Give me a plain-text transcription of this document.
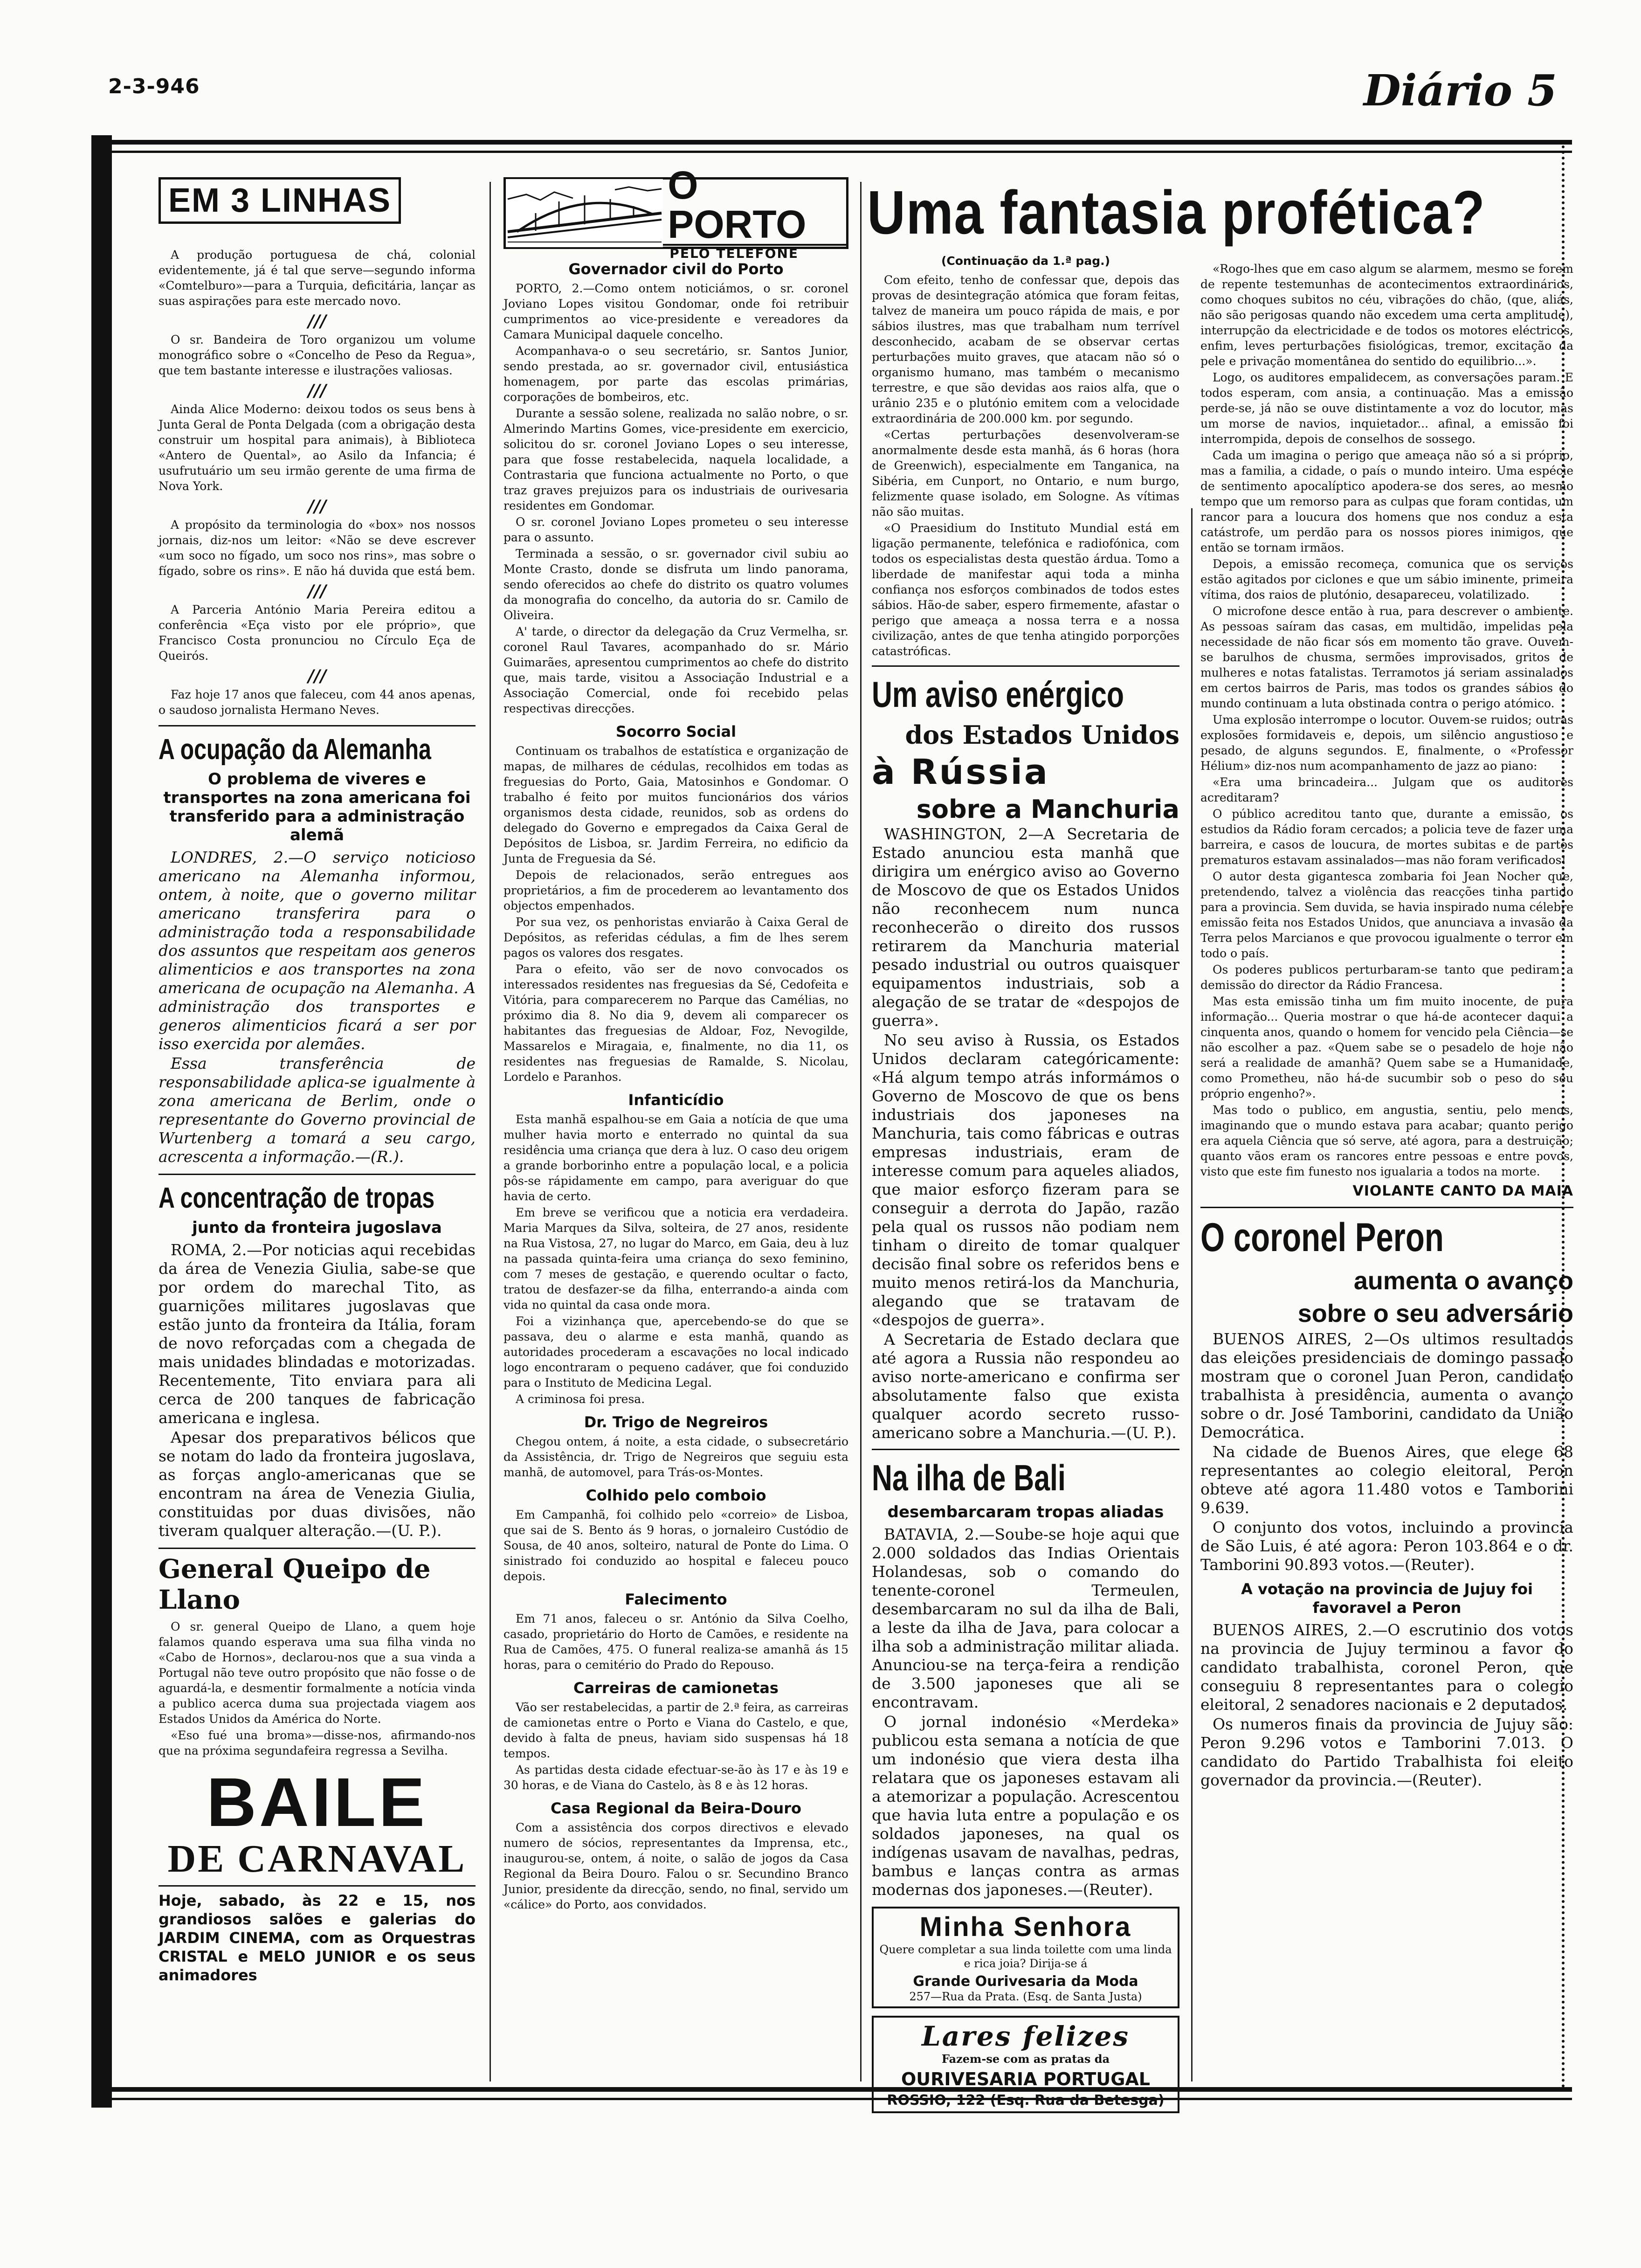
2-3-946	Diário 5
EM 3 LINHAS

A produção portuguesa de chá, colonial evidentemente, já é tal que serve—segundo informa «Comtelburo»—para a Turquia, deficitária, lançar as suas aspirações para este mercado novo.

///

O sr. Bandeira de Toro organizou um volume monográfico sobre o «Concelho de Peso da Regua», que tem bastante interesse e ilustrações valiosas.

///

Ainda Alice Moderno: deixou todos os seus bens à Junta Geral de Ponta Delgada (com a obrigação desta construir um hospital para animais), à Biblioteca «Antero de Quental», ao Asilo da Infancia; é usufrutuário um seu irmão gerente de uma firma de Nova York.

///

A propósito da terminologia do «box» nos nossos jornais, diz-nos um leitor: «Não se deve escrever «um soco no fígado, um soco nos rins», mas sobre o fígado, sobre os rins». E não há duvida que está bem.

///

A Parceria António Maria Pereira editou a conferência «Eça visto por ele próprio», que Francisco Costa pronunciou no Círculo Eça de Queirós.

///

Faz hoje 17 anos que faleceu, com 44 anos apenas, o saudoso jornalista Hermano Neves.

A ocupação da Alemanha
O problema de viveres e transportes na zona americana foi transferido para a administração alemã

LONDRES, 2.—O serviço noticioso americano na Alemanha informou, ontem, à noite, que o governo militar americano transferira para o administração toda a responsabilidade dos assuntos que respeitam aos generos alimenticios e aos transportes na zona americana de ocupação na Alemanha. A administração dos transportes e generos alimenticios ficará a ser por isso exercida por alemães.

Essa transferência de responsabilidade aplica-se igualmente à zona americana de Berlim, onde o representante do Governo provincial de Wurtenberg a tomará a seu cargo, acrescenta a informação.—(R.).

A concentração de tropas
junto da fronteira jugoslava

ROMA, 2.—Por noticias aqui recebidas da área de Venezia Giulia, sabe-se que por ordem do marechal Tito, as guarnições militares jugoslavas que estão junto da fronteira da Itália, foram de novo reforçadas com a chegada de mais unidades blindadas e motorizadas. Recentemente, Tito enviara para ali cerca de 200 tanques de fabricação americana e inglesa.

Apesar dos preparativos bélicos que se notam do lado da fronteira jugoslava, as forças anglo-americanas que se encontram na área de Venezia Giulia, constituidas por duas divisões, não tiveram qualquer alteração.—(U. P.).

General Queipo de Llano

O sr. general Queipo de Llano, a quem hoje falamos quando esperava uma sua filha vinda no «Cabo de Hornos», declarou-nos que a sua vinda a Portugal não teve outro propósito que não fosse o de aguardá-la, e desmentir formalmente a notícia vinda a publico acerca duma sua projectada viagem aos Estados Unidos da América do Norte.

«Eso fué una broma»—disse-nos, afirmando-nos que na próxima segundafeira regressa a Sevilha.

BAILE
DE CARNAVAL

Hoje, sabado, às 22 e 15, nos grandiosos salões e galerias do JARDIM CINEMA, com as Orquestras CRISTAL e MELO JUNIOR e os seus animadores

O PORTO
PELO TELEFONE
Governador civil do Porto

PORTO, 2.—Como ontem noticiámos, o sr. coronel Joviano Lopes visitou Gondomar, onde foi retribuir cumprimentos ao vice-presidente e vereadores da Camara Municipal daquele concelho.

Acompanhava-o o seu secretário, sr. Santos Junior, sendo prestada, ao sr. governador civil, entusiástica homenagem, por parte das escolas primárias, corporações de bombeiros, etc.

Durante a sessão solene, realizada no salão nobre, o sr. Almerindo Martins Gomes, vice-presidente em exercicio, solicitou do sr. coronel Joviano Lopes o seu interesse, para que fosse restabelecida, naquela localidade, a Contrastaria que funciona actualmente no Porto, o que traz graves prejuizos para os industriais de ourivesaria residentes em Gondomar.

O sr. coronel Joviano Lopes prometeu o seu interesse para o assunto.

Terminada a sessão, o sr. governador civil subiu ao Monte Crasto, donde se disfruta um lindo panorama, sendo oferecidos ao chefe do distrito os quatro volumes da monografia do concelho, da autoria do sr. Camilo de Oliveira.

A' tarde, o director da delegação da Cruz Vermelha, sr. coronel Raul Tavares, acompanhado do sr. Mário Guimarães, apresentou cumprimentos ao chefe do distrito que, mais tarde, visitou a Associação Industrial e a Associação Comercial, onde foi recebido pelas respectivas direcções.

Socorro Social

Continuam os trabalhos de estatística e organização de mapas, de milhares de cédulas, recolhidos em todas as freguesias do Porto, Gaia, Matosinhos e Gondomar. O trabalho é feito por muitos funcionários dos vários organismos desta cidade, reunidos, sob as ordens do delegado do Governo e empregados da Caixa Geral de Depósitos de Lisboa, sr. Jardim Ferreira, no edificio da Junta de Freguesia da Sé.

Depois de relacionados, serão entregues aos proprietários, a fim de procederem ao levantamento dos objectos empenhados.

Por sua vez, os penhoristas enviarão à Caixa Geral de Depósitos, as referidas cédulas, a fim de lhes serem pagos os valores dos resgates.

Para o efeito, vão ser de novo convocados os interessados residentes nas freguesias da Sé, Cedofeita e Vitória, para comparecerem no Parque das Camélias, no próximo dia 8. No dia 9, devem ali comparecer os habitantes das freguesias de Aldoar, Foz, Nevogilde, Massarelos e Miragaia, e, finalmente, no dia 11, os residentes nas freguesias de Ramalde, S. Nicolau, Lordelo e Paranhos.

Infanticídio

Esta manhã espalhou-se em Gaia a notícia de que uma mulher havia morto e enterrado no quintal da sua residência uma criança que dera à luz. O caso deu origem a grande borborinho entre a população local, e a policia pôs-se rápidamente em campo, para averiguar do que havia de certo.

Em breve se verificou que a noticia era verdadeira. Maria Marques da Silva, solteira, de 27 anos, residente na Rua Vistosa, 27, no lugar do Marco, em Gaia, deu à luz na passada quinta-feira uma criança do sexo feminino, com 7 meses de gestação, e querendo ocultar o facto, tratou de desfazer-se da filha, enterrando-a ainda com vida no quintal da casa onde mora.

Foi a vizinhança que, apercebendo-se do que se passava, deu o alarme e esta manhã, quando as autoridades procederam a escavações no local indicado logo encontraram o pequeno cadáver, que foi conduzido para o Instituto de Medicina Legal.

A criminosa foi presa.

Dr. Trigo de Negreiros

Chegou ontem, á noite, a esta cidade, o subsecretário da Assistência, dr. Trigo de Negreiros que seguiu esta manhã, de automovel, para Trás-os-Montes.

Colhido pelo comboio

Em Campanhã, foi colhido pelo «correio» de Lisboa, que sai de S. Bento ás 9 horas, o jornaleiro Custódio de Sousa, de 40 anos, solteiro, natural de Ponte do Lima. O sinistrado foi conduzido ao hospital e faleceu pouco depois.

Falecimento

Em 71 anos, faleceu o sr. António da Silva Coelho, casado, proprietário do Horto de Camões, e residente na Rua de Camões, 475. O funeral realiza-se amanhã ás 15 horas, para o cemitério do Prado do Repouso.

Carreiras de camionetas

Vão ser restabelecidas, a partir de 2.ª feira, as carreiras de camionetas entre o Porto e Viana do Castelo, e que, devido à falta de pneus, haviam sido suspensas há 18 tempos.

As partidas desta cidade efectuar-se-ão às 17 e às 19 e 30 horas, e de Viana do Castelo, às 8 e às 12 horas.

Casa Regional da Beira-Douro

Com a assistência dos corpos directivos e elevado numero de sócios, representantes da Imprensa, etc., inaugurou-se, ontem, á noite, o salão de jogos da Casa Regional da Beira Douro. Falou o sr. Secundino Branco Junior, presidente da direcção, sendo, no final, servido um «cálice» do Porto, aos convidados.

Uma fantasia profética?
(Continuação da 1.ª pag.)

Com efeito, tenho de confessar que, depois das provas de desintegração atómica que foram feitas, talvez de maneira um pouco rápida de mais, e por sábios ilustres, mas que trabalham num terrível desconhecido, acabam de se observar certas perturbações muito graves, que atacam não só o organismo humano, mas também o mecanismo terrestre, e que são devidas aos raios alfa, que o urânio 235 e o plutónio emitem com a velocidade extraordinária de 200.000 km. por segundo.

«Certas perturbações desenvolveram-se anormalmente desde esta manhã, ás 6 horas (hora de Greenwich), especialmente em Tanganica, na Sibéria, em Cunport, no Ontario, e num burgo, felizmente quase isolado, em Sologne. As vítimas não são muitas.

«O Praesidium do Instituto Mundial está em ligação permanente, telefónica e radiofónica, com todos os especialistas desta questão árdua. Tomo a liberdade de manifestar aqui toda a minha confiança nos esforços combinados de todos estes sábios. Hão-de saber, espero firmemente, afastar o perigo que ameaça a nossa terra e a nossa civilização, antes de que tenha atingido porporções catastróficas.

Um aviso enérgico
dos Estados Unidos
à Rússia
sobre a Manchuria

WASHINGTON, 2—A Secretaria de Estado anunciou esta manhã que dirigira um enérgico aviso ao Governo de Moscovo de que os Estados Unidos não reconhecem num nunca reconhecerão o direito dos russos retirarem da Manchuria material pesado industrial ou outros quaisquer equipamentos industriais, sob a alegação de se tratar de «despojos de guerra».

No seu aviso à Russia, os Estados Unidos declaram categóricamente: «Há algum tempo atrás informámos o Governo de Moscovo de que os bens industriais dos japoneses na Manchuria, tais como fábricas e outras empresas industriais, eram de interesse comum para aqueles aliados, que maior esforço fizeram para se conseguir a derrota do Japão, razão pela qual os russos não podiam nem tinham o direito de tomar qualquer decisão final sobre os referidos bens e muito menos retirá-los da Manchuria, alegando que se tratavam de «despojos de guerra».

A Secretaria de Estado declara que até agora a Russia não respondeu ao aviso norte-americano e confirma ser absolutamente falso que exista qualquer acordo secreto russo-americano sobre a Manchuria.—(U. P.).

Na ilha de Bali
desembarcaram tropas aliadas

BATAVIA, 2.—Soube-se hoje aqui que 2.000 soldados das Indias Orientais Holandesas, sob o comando do tenente-coronel Termeulen, desembarcaram no sul da ilha de Bali, a leste da ilha de Java, para colocar a ilha sob a administração militar aliada. Anunciou-se na terça-feira a rendição de 3.500 japoneses que ali se encontravam.

O jornal indonésio «Merdeka» publicou esta semana a notícia de que um indonésio que viera desta ilha relatara que os japoneses estavam ali a atemorizar a população. Acrescentou que havia luta entre a população e os soldados japoneses, na qual os indígenas usavam de navalhas, pedras, bambus e lanças contra as armas modernas dos japoneses.—(Reuter).

Minha Senhora
Quere completar a sua linda toilette com uma linda e rica joia? Dirija-se á
Grande Ourivesaria da Moda
257—Rua da Prata. (Esq. de Santa Justa)
Lares felizes
Fazem-se com as pratas da
OURIVESARIA PORTUGAL
ROSSIO, 122 (Esq. Rua da Betesga)

«Rogo-lhes que em caso algum se alarmem, mesmo se forem de repente testemunhas de acontecimentos extraordinários, como choques subitos no céu, vibrações do chão, (que, aliás, não são perigosas quando não excedem uma certa amplitude), interrupção da electricidade e de todos os motores eléctricos, enfim, leves perturbações fisiológicas, tremor, excitação da pele e privação momentânea do sentido do equilibrio...».

Logo, os auditores empalidecem, as conversações param. E todos esperam, com ansia, a continuação. Mas a emissão perde-se, já não se ouve distintamente a voz do locutor, mas um morse de navios, inquietador... afinal, a emissão foi interrompida, depois de conselhos de sossego.

Cada um imagina o perigo que ameaça não só a si próprio, mas a familia, a cidade, o país o mundo inteiro. Uma espécie de sentimento apocalíptico apodera-se dos seres, ao mesmo tempo que um remorso para as culpas que foram contidas, um rancor para a loucura dos homens que nos conduz a esta catástrofe, um perdão para os nossos piores inimigos, que então se tornam irmãos.

Depois, a emissão recomeça, comunica que os serviços estão agitados por ciclones e que um sábio iminente, primeira vítima, dos raios de plutónio, desapareceu, volatilizado.

O microfone desce então à rua, para descrever o ambiente. As pessoas saíram das casas, em multidão, impelidas pela necessidade de não ficar sós em momento tão grave. Ouvem-se barulhos de chusma, sermões improvisados, gritos de mulheres e notas fatalistas. Terramotos já seriam assinalados em certos bairros de Paris, mas todos os grandes sábios do mundo continuam a luta obstinada contra o perigo atómico.

Uma explosão interrompe o locutor. Ouvem-se ruidos; outras explosões formidaveis e, depois, um silêncio angustioso e pesado, de alguns segundos. E, finalmente, o «Professor Hélium» diz-nos num acompanhamento de jazz ao piano:

«Era uma brincadeira... Julgam que os auditores acreditaram?

O público acreditou tanto que, durante a emissão, os estudios da Rádio foram cercados; a policia teve de fazer uma barreira, e casos de loucura, de mortes subitas e de partos prematuros estavam assinalados—mas não foram verificados!

O autor desta gigantesca zombaria foi Jean Nocher que, pretendendo, talvez a violência das reacções tinha partido para a provincia. Sem duvida, se havia inspirado numa célebre emissão feita nos Estados Unidos, que anunciava a invasão da Terra pelos Marcianos e que provocou igualmente o terror em todo o país.

Os poderes publicos perturbaram-se tanto que pediram a demissão do director da Rádio Francesa.

Mas esta emissão tinha um fim muito inocente, de pura informação... Queria mostrar o que há-de acontecer daqui a cinquenta anos, quando o homem for vencido pela Ciência—se não escolher a paz. «Quem sabe se o pesadelo de hoje não será a realidade de amanhã? Quem sabe se a Humanidade, como Prometheu, não há-de sucumbir sob o peso do seu próprio engenho?».

Mas todo o publico, em angustia, sentiu, pelo menos, imaginando que o mundo estava para acabar; quanto perigo era aquela Ciência que só serve, até agora, para a destruição; quanto vãos eram os rancores entre pessoas e entre povos, visto que este fim funesto nos igualaria a todos na morte.

VIOLANTE CANTO DA MAIA
O coronel Peron
aumenta o avanço
sobre o seu adversário

BUENOS AIRES, 2—Os ultimos resultados das eleições presidenciais de domingo passado mostram que o coronel Juan Peron, candidato trabalhista à presidência, aumenta o avanço sobre o dr. José Tamborini, candidato da União Democrática.

Na cidade de Buenos Aires, que elege 68 representantes ao colegio eleitoral, Peron obteve até agora 11.480 votos e Tamborini 9.639.

O conjunto dos votos, incluindo a provincia de São Luis, é até agora: Peron 103.864 e o dr. Tamborini 90.893 votos.—(Reuter).

A votação na provincia de Jujuy foi favoravel a Peron

BUENOS AIRES, 2.—O escrutinio dos votos na provincia de Jujuy terminou a favor do candidato trabalhista, coronel Peron, que conseguiu 8 representantes para o colegio eleitoral, 2 senadores nacionais e 2 deputados.

Os numeros finais da provincia de Jujuy são: Peron 9.296 votos e Tamborini 7.013. O candidato do Partido Trabalhista foi eleito governador da provincia.—(Reuter).
